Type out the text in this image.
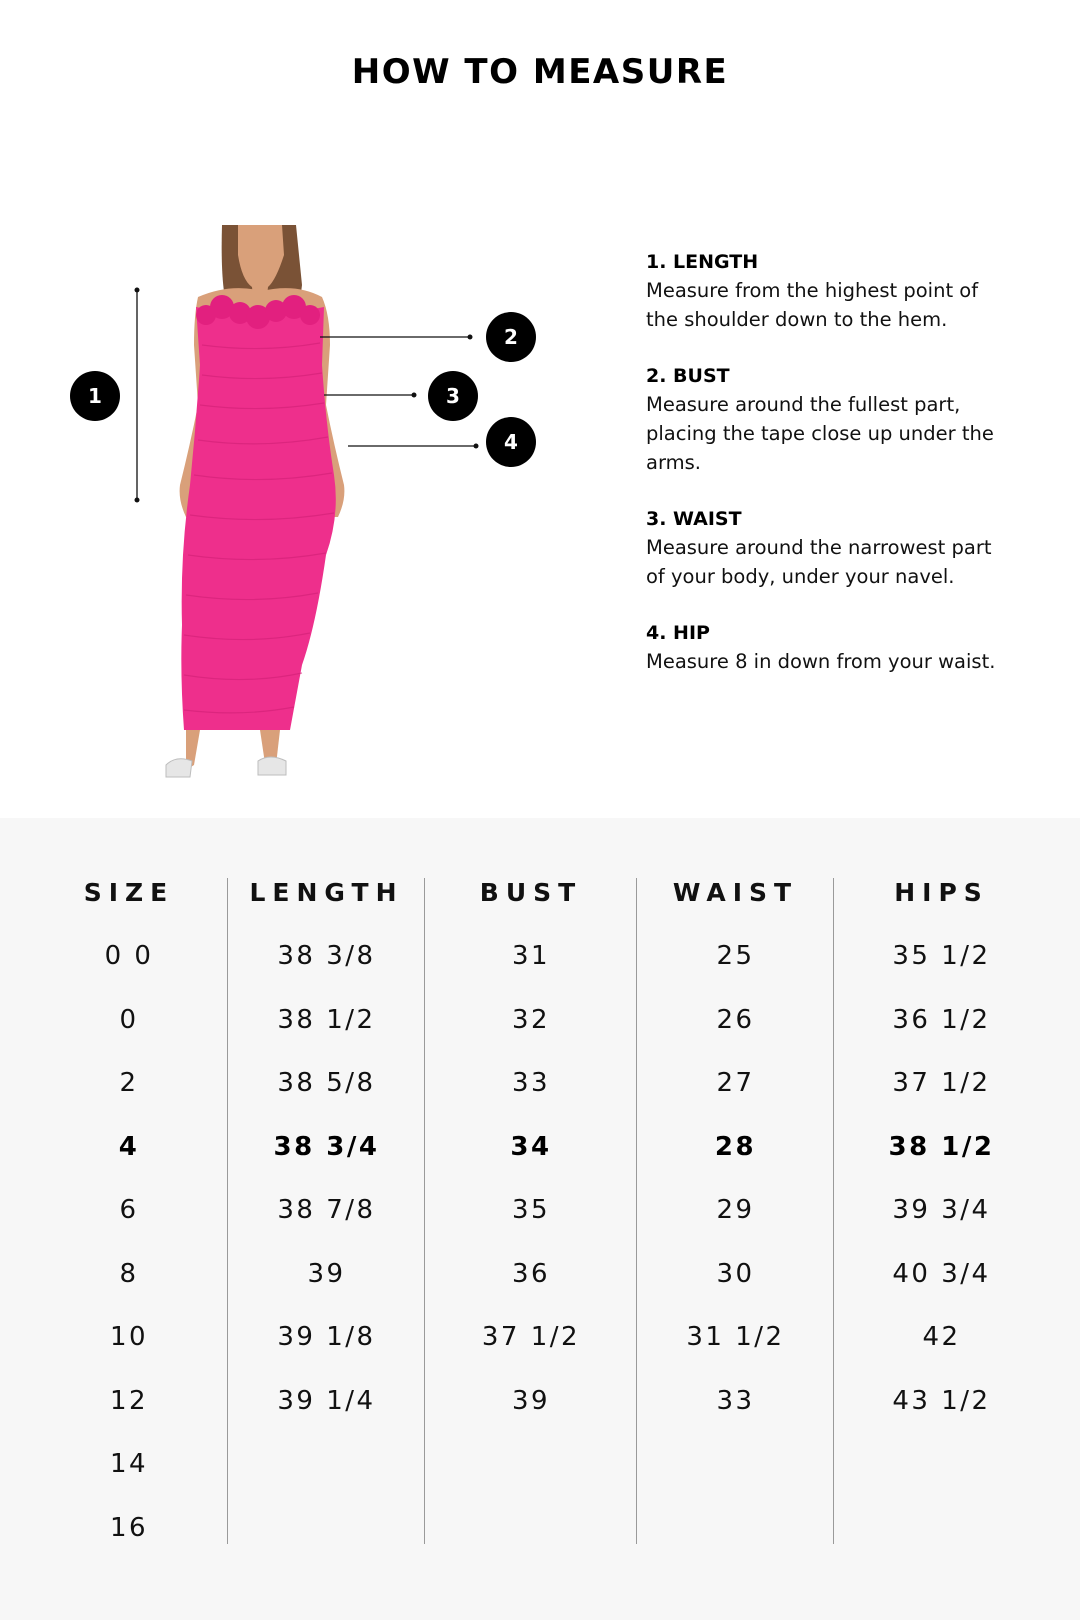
HOW TO MEASURE
1
2
3
4
1. LENGTH
Measure from the highest point of the shoulder down to the hem.
2. BUST
Measure around the fullest part, placing the tape close up under the arms.
3. WAIST
Measure around the narrowest part of your body, under your navel.
4. HIP
Measure 8 in down from your waist.
SIZE
0 0
0
2
4
6
8
10
12
14
16
LENGTH
38 3/8
38 1/2
38 5/8
38 3/4
38 7/8
39
39 1/8
39 1/4
BUST
31
32
33
34
35
36
37 1/2
39
WAIST
25
26
27
28
29
30
31 1/2
33
HIPS
35 1/2
36 1/2
37 1/2
38 1/2
39 3/4
40 3/4
42
43 1/2
